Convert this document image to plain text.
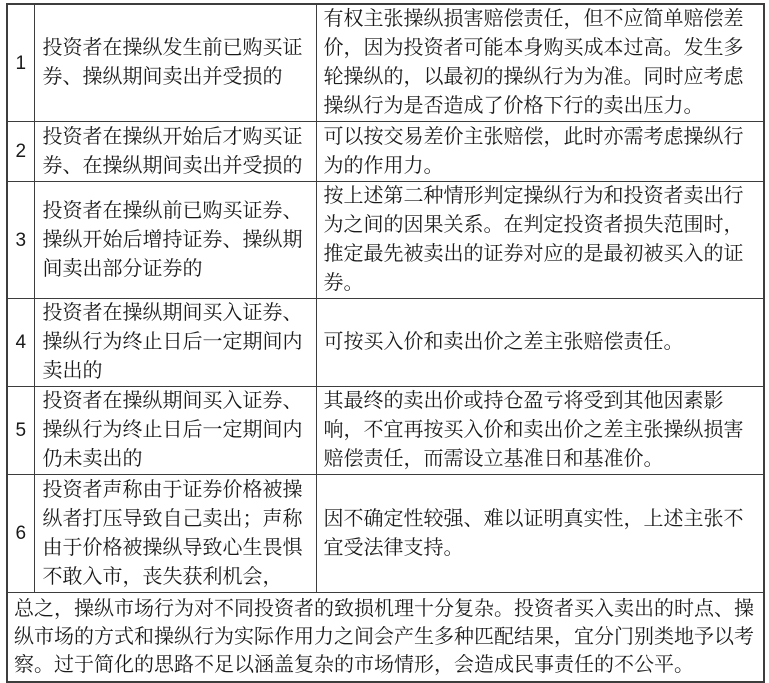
1	投资者在操纵发生前已购买证券、操纵期间卖出并受损的	有权主张操纵损害赔偿责任，但不应简单赔偿差价，因为投资者可能本身购买成本过高。发生多轮操纵的，以最初的操纵行为为准。同时应考虑操纵行为是否造成了价格下行的卖出压力。
2	投资者在操纵开始后才购买证券、在操纵期间卖出并受损的	可以按交易差价主张赔偿，此时亦需考虑操纵行为的作用力。
3	投资者在操纵前已购买证券、操纵开始后增持证券、操纵期间卖出部分证券的	按上述第二种情形判定操纵行为和投资者卖出行为之间的因果关系。在判定投资者损失范围时，推定最先被卖出的证券对应的是最初被买入的证券。
4	投资者在操纵期间买入证券、操纵行为终止日后一定期间内卖出的	可按买入价和卖出价之差主张赔偿责任。
5	投资者在操纵期间买入证券、操纵行为终止日后一定期间内仍未卖出的	其最终的卖出价或持仓盈亏将受到其他因素影响，不宜再按买入价和卖出价之差主张操纵损害赔偿责任，而需设立基准日和基准价。
6	投资者声称由于证券价格被操纵者打压导致自己卖出；声称由于价格被操纵导致心生畏惧不敢入市，丧失获利机会，	因不确定性较强、难以证明真实性，上述主张不宜受法律支持。
总之，操纵市场行为对不同投资者的致损机理十分复杂。投资者买入卖出的时点、操纵市场的方式和操纵行为实际作用力之间会产生多种匹配结果，宜分门别类地予以考察。过于简化的思路不足以涵盖复杂的市场情形，会造成民事责任的不公平。		
